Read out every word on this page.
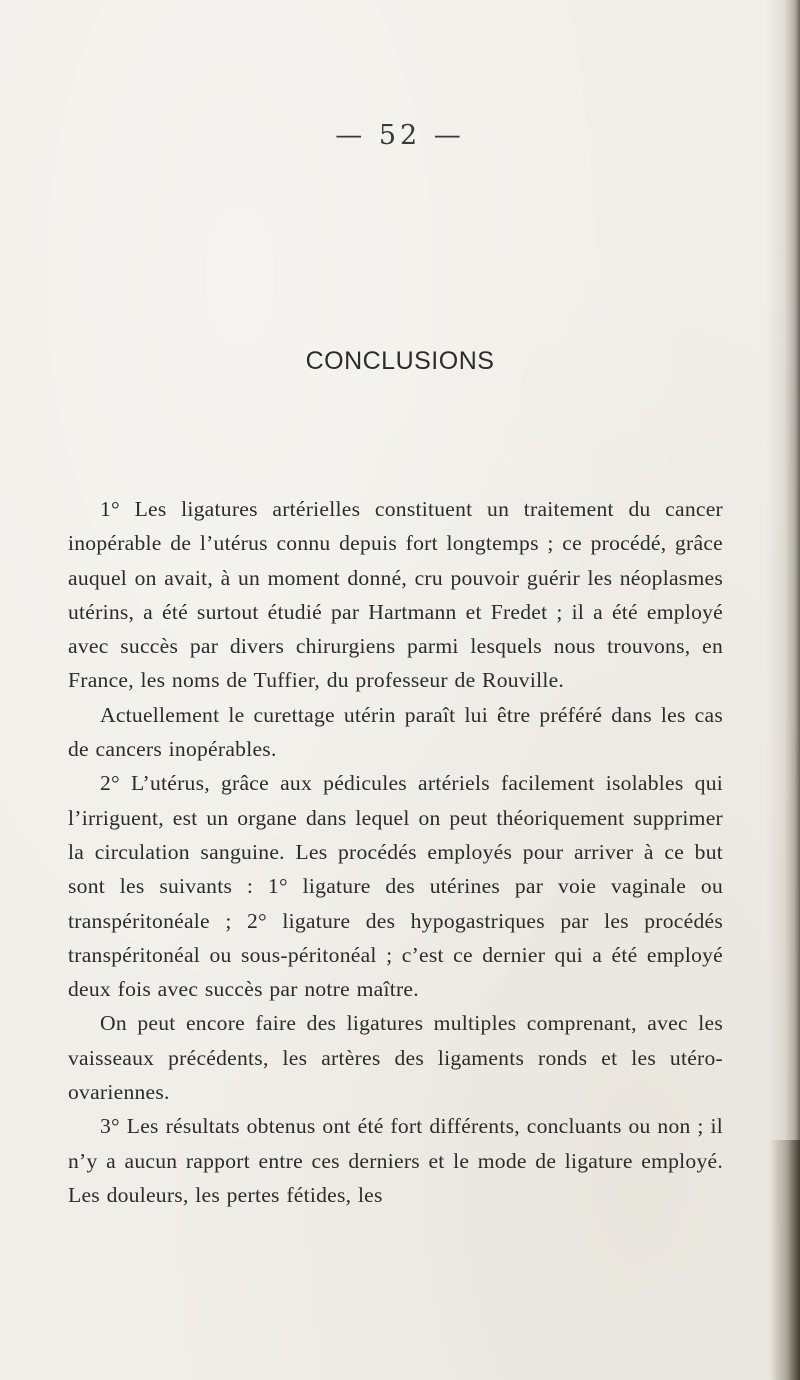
— 52 —

CONCLUSIONS

1° Les ligatures artérielles constituent un traitement du cancer inopérable de l’utérus connu depuis fort longtemps ; ce procédé, grâce auquel on avait, à un moment donné, cru pouvoir guérir les néoplasmes utérins, a été surtout étudié par Hartmann et Fredet ; il a été employé avec succès par divers chirurgiens parmi lesquels nous trouvons, en France, les noms de Tuffier, du professeur de Rouville.

Actuellement le curettage utérin paraît lui être préféré dans les cas de cancers inopérables.

2° L’utérus, grâce aux pédicules artériels facilement isolables qui l’irriguent, est un organe dans lequel on peut théoriquement supprimer la circulation sanguine. Les procédés employés pour arriver à ce but sont les suivants : 1° ligature des utérines par voie vaginale ou transpéritonéale ; 2° ligature des hypogastriques par les procédés transpéritonéal ou sous-péritonéal ; c’est ce dernier qui a été employé deux fois avec succès par notre maître.

On peut encore faire des ligatures multiples comprenant, avec les vaisseaux précédents, les artères des ligaments ronds et les utéro-ovariennes.

3° Les résultats obtenus ont été fort différents, concluants ou non ; il n’y a aucun rapport entre ces derniers et le mode de ligature employé. Les douleurs, les pertes fétides, les
